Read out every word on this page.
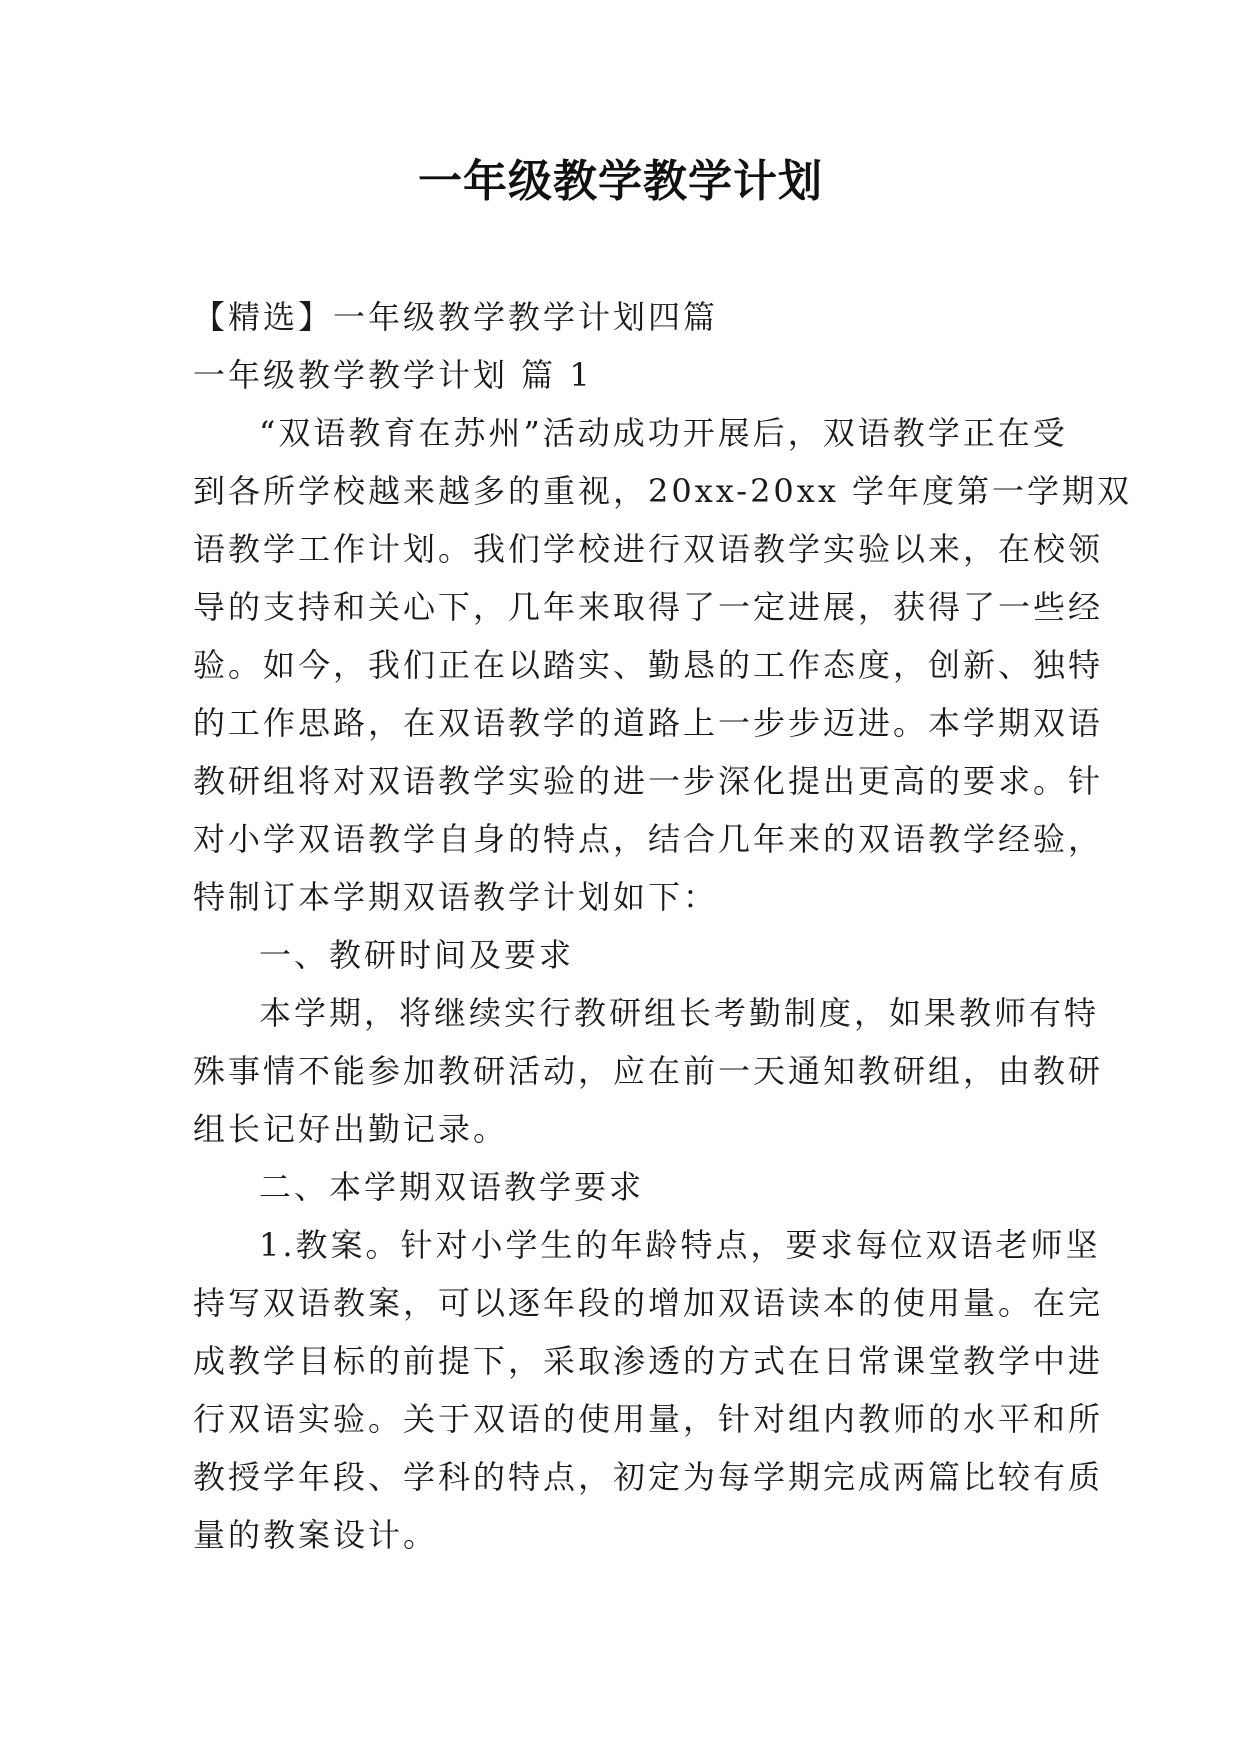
一年级教学教学计划

【精选】一年级教学教学计划四篇

一年级教学教学计划 篇 1

“双语教育在苏州”活动成功开展后，双语教学正在受

到各所学校越来越多的重视，20xx-20xx 学年度第一学期双

语教学工作计划。我们学校进行双语教学实验以来，在校领

导的支持和关心下，几年来取得了一定进展，获得了一些经

验。如今，我们正在以踏实、勤恳的工作态度，创新、独特

的工作思路，在双语教学的道路上一步步迈进。本学期双语

教研组将对双语教学实验的进一步深化提出更高的要求。针

对小学双语教学自身的特点，结合几年来的双语教学经验，

特制订本学期双语教学计划如下：

一、教研时间及要求

本学期，将继续实行教研组长考勤制度，如果教师有特

殊事情不能参加教研活动，应在前一天通知教研组，由教研

组长记好出勤记录。

二、本学期双语教学要求

1.教案。针对小学生的年龄特点，要求每位双语老师坚

持写双语教案，可以逐年段的增加双语读本的使用量。在完

成教学目标的前提下，采取渗透的方式在日常课堂教学中进

行双语实验。关于双语的使用量，针对组内教师的水平和所

教授学年段、学科的特点，初定为每学期完成两篇比较有质

量的教案设计。
